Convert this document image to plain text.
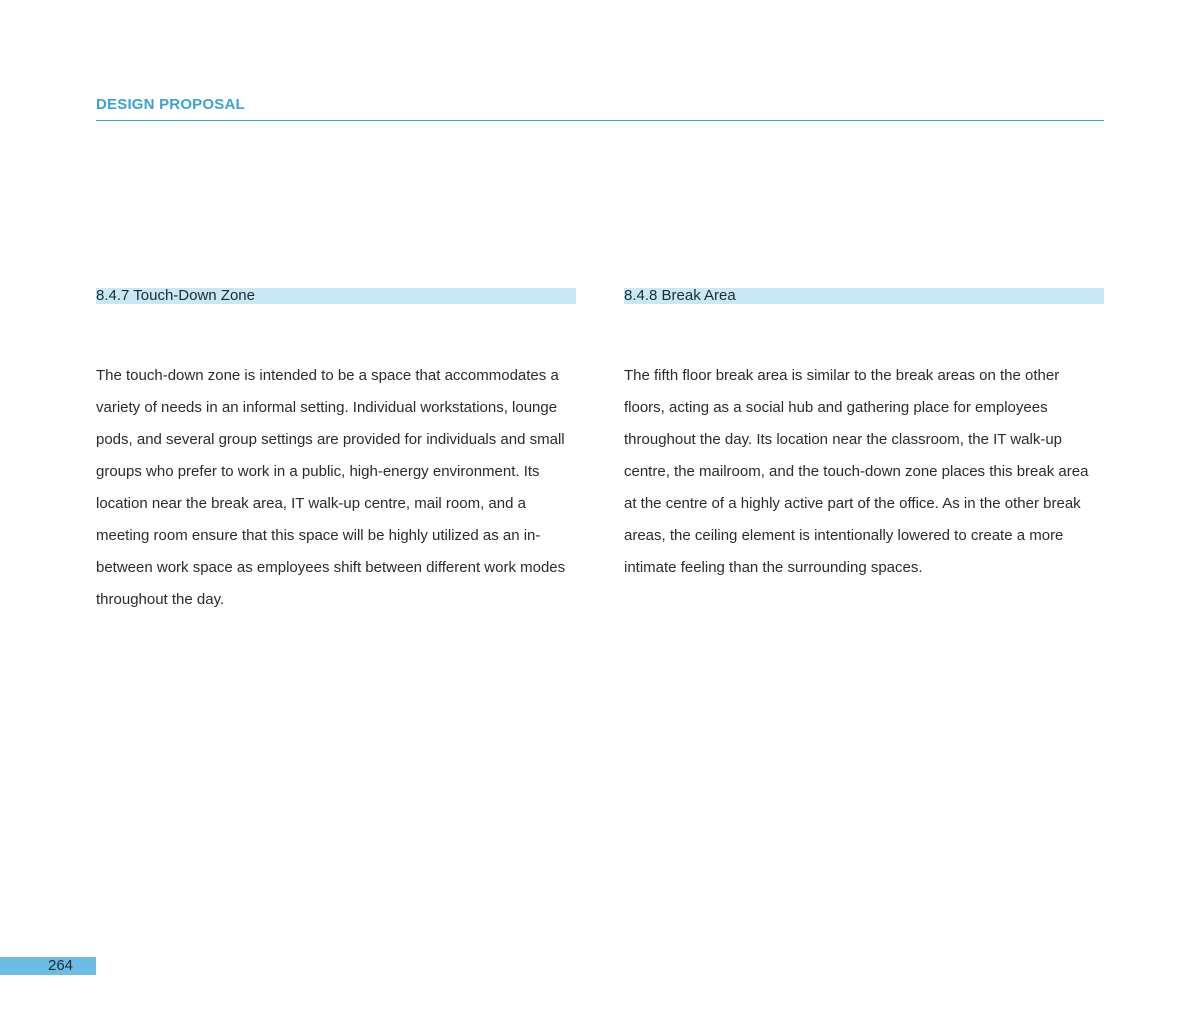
DESIGN PROPOSAL
8.4.7 Touch-Down Zone
The touch-down zone is intended to be a space that accommodates a variety of needs in an informal setting. Individual workstations, lounge pods, and several group settings are provided for individuals and small groups who prefer to work in a public, high-energy environment. Its location near the break area, IT walk-up centre, mail room, and a meeting room ensure that this space will be highly utilized as an in-between work space as employees shift between different work modes throughout the day.
8.4.8 Break Area
The fifth floor break area is similar to the break areas on the other floors, acting as a social hub and gathering place for employees throughout the day. Its location near the classroom, the IT walk-up centre, the mailroom, and the touch-down zone places this break area at the centre of a highly active part of the office. As in the other break areas, the ceiling element is intentionally lowered to create a more intimate feeling than the surrounding spaces.
264
